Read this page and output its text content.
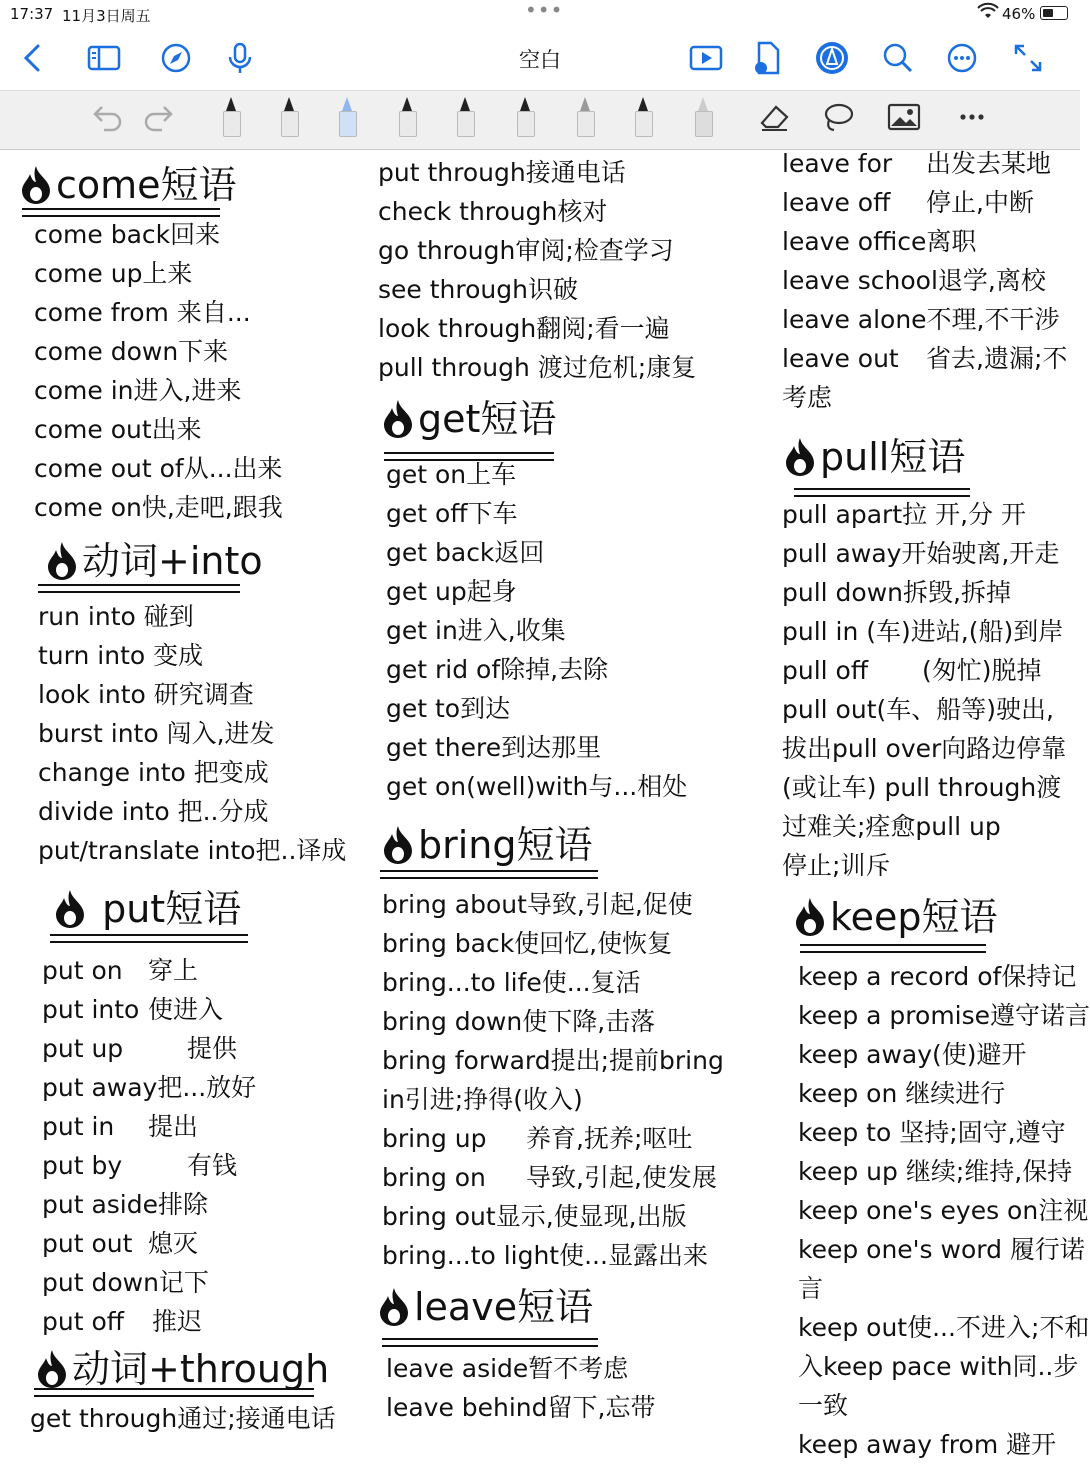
17:37 11月3日周五	•••	46%
空白
come短语
come back回来
come up上来
come from 来自...
come down下来
come in进入,进来
come out出来
come out of从...出来
come on快,走吧,跟我
动词+into
run into 碰到
turn into 变成
look into 研究调查
burst into 闯入,进发
change into 把变成
divide into 把..分成
put/translate into把..译成
put短语
put on 穿上
put into 使进入
put up	提供
put away把...放好
put in 提出
put by	有钱
put aside排除
put out 熄灭
put down记下
put off 推迟
动词+through
get through通过;接通电话
put through接通电话
check through核对
go through审阅;检查学习
see through识破
look through翻阅;看一遍
pull through 渡过危机;康复
get短语
get on上车
get off下车
get back返回
get up起身
get in进入,收集
get rid of除掉,去除
get to到达
get there到达那里
get on(well)with与...相处
bring短语
bring about导致,引起,促使
bring back使回忆,使恢复
bring...to life使...复活
bring down使下降,击落
bring forward提出;提前bring
in引进;挣得(收入)
bring up 养育,抚养;呕吐
bring on 导致,引起,使发展
bring out显示,使显现,出版
bring...to light使...显露出来
leave短语
leave aside暂不考虑
leave behind留下,忘带
leave for 出发去某地
leave off 停止,中断
leave office离职
leave school退学,离校
leave alone不理,不干涉
leave out 省去,遗漏;不
考虑
pull短语
pull apart拉 开,分 开
pull away开始驶离,开走
pull down拆毁,拆掉
pull in (车)进站,(船)到岸
pull off (匆忙)脱掉
pull out(车、船等)驶出,
拔出pull over向路边停靠
(或让车) pull through渡
过难关;痊愈pull up
停止;训斥
keep短语
keep a record of保持记
keep a promise遵守诺言
keep away(使)避开
keep on 继续进行
keep to 坚持;固守,遵守
keep up 继续;维持,保持
keep one's eyes on注视
keep one's word 履行诺
言
keep out使...不进入;不和
入keep pace with同..步
一致
keep away from 避开
